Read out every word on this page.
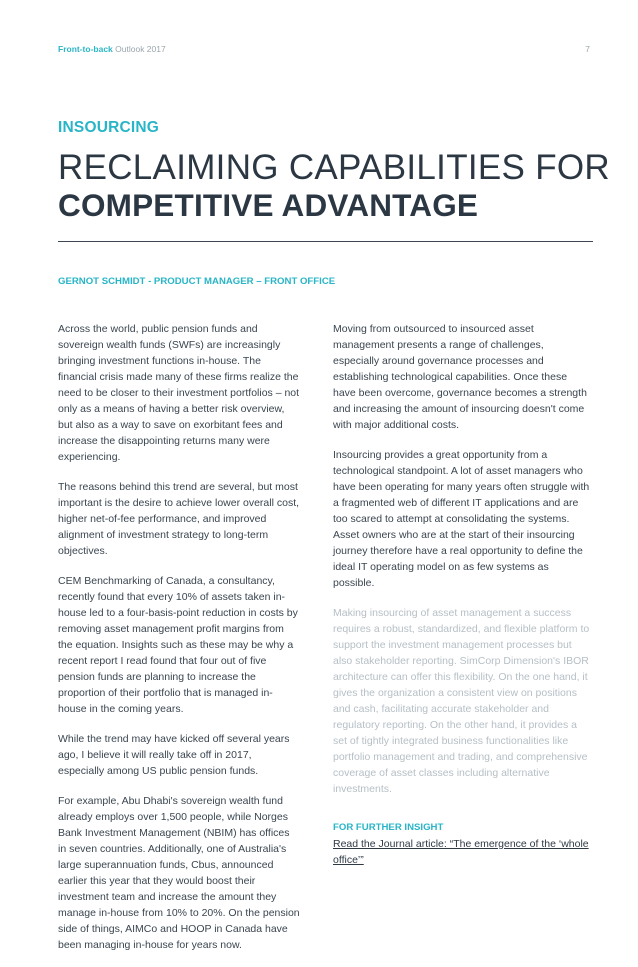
Front-to-back Outlook 2017	7
INSOURCING
RECLAIMING CAPABILITIES FOR
COMPETITIVE ADVANTAGE
GERNOT SCHMIDT - PRODUCT MANAGER – FRONT OFFICE

Across the world, public pension funds and sovereign wealth funds (SWFs) are increasingly bringing investment functions in-house. The financial crisis made many of these firms realize the need to be closer to their investment portfolios – not only as a means of having a better risk overview, but also as a way to save on exorbitant fees and increase the disappointing returns many were experiencing.

The reasons behind this trend are several, but most important is the desire to achieve lower overall cost, higher net-of-fee performance, and improved alignment of investment strategy to long-term objectives.

CEM Benchmarking of Canada, a consultancy, recently found that every 10% of assets taken in-house led to a four-basis-point reduction in costs by removing asset management profit margins from the equation. Insights such as these may be why a recent report I read found that four out of five pension funds are planning to increase the proportion of their portfolio that is managed in-house in the coming years.

While the trend may have kicked off several years ago, I believe it will really take off in 2017, especially among US public pension funds.

For example, Abu Dhabi's sovereign wealth fund already employs over 1,500 people, while Norges Bank Investment Management (NBIM) has offices in seven countries. Additionally, one of Australia's large superannuation funds, Cbus, announced earlier this year that they would boost their investment team and increase the amount they manage in-house from 10% to 20%. On the pension side of things, AIMCo and HOOP in Canada have been managing in-house for years now.

Moving from outsourced to insourced asset management presents a range of challenges, especially around governance processes and establishing technological capabilities. Once these have been overcome, governance becomes a strength and increasing the amount of insourcing doesn't come with major additional costs.

Insourcing provides a great opportunity from a technological standpoint. A lot of asset managers who have been operating for many years often struggle with a fragmented web of different IT applications and are too scared to attempt at consolidating the systems. Asset owners who are at the start of their insourcing journey therefore have a real opportunity to define the ideal IT operating model on as few systems as possible.

Making insourcing of asset management a success requires a robust, standardized, and flexible platform to support the investment management processes but also stakeholder reporting. SimCorp Dimension's IBOR architecture can offer this flexibility. On the one hand, it gives the organization a consistent view on positions and cash, facilitating accurate stakeholder and regulatory reporting. On the other hand, it provides a set of tightly integrated business functionalities like portfolio management and trading, and comprehensive coverage of asset classes including alternative investments.

FOR FURTHER INSIGHT
Read the Journal article: “The emergence of the ‘whole office’”
